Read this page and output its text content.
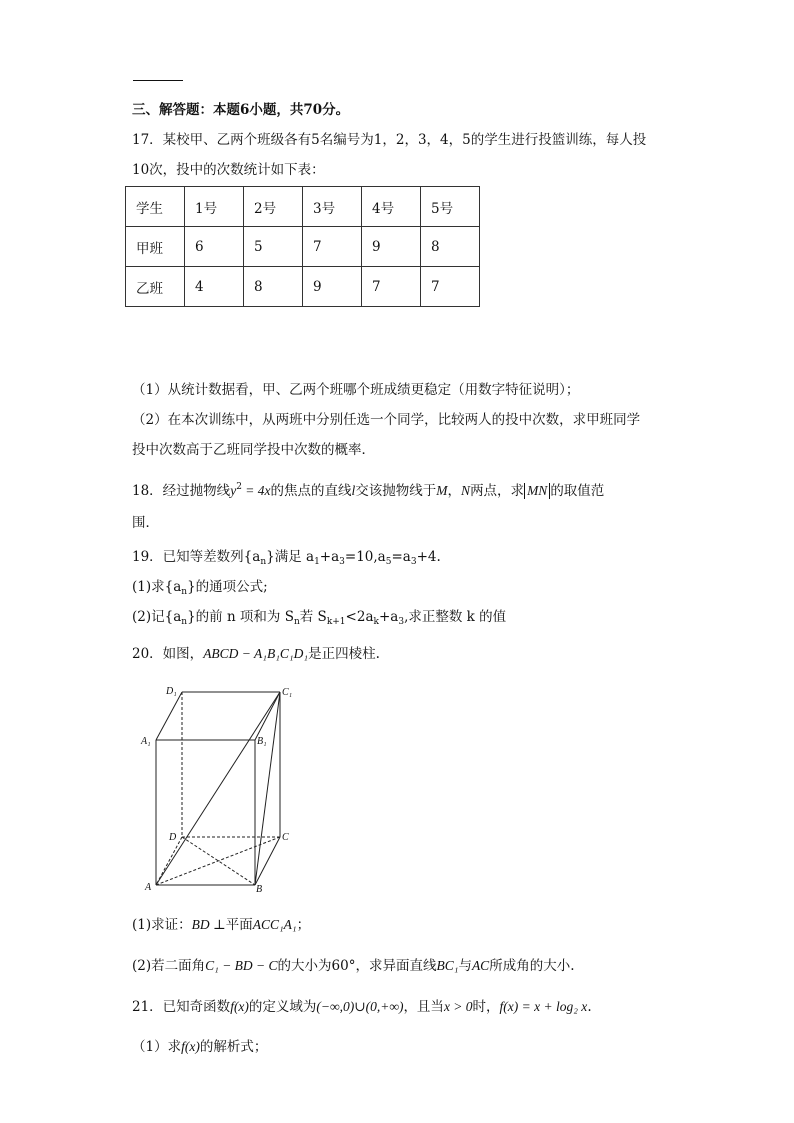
三、解答题：本题6小题，共70分。
17．某校甲、乙两个班级各有5名编号为1，2，3，4，5的学生进行投篮训练，每人投
10次，投中的次数统计如下表：
学生	1号	2号	3号	4号	5号
甲班	6	5	7	9	8
乙班	4	8	9	7	7
（1）从统计数据看，甲、乙两个班哪个班成绩更稳定（用数字特征说明）；
（2）在本次训练中，从两班中分别任选一个同学，比较两人的投中次数，求甲班同学
投中次数高于乙班同学投中次数的概率．
18．经过抛物线$y^2 = 4x$的焦点的直线l交该抛物线于M，N两点，求 MN 的取值范
围．
19．已知等差数列$\{a_n\}$满足 $a_1+a_3=10,a_5=a_3+4$.
(1)求$\{a_n\}$的通项公式;
(2)记$\{a_n\}$的前 n 项和为 $S_n$若 $S_{k+1}<2a_k+a_3$,求正整数 k 的值
20．如图，ABCD − A₁B₁C₁D₁是正四棱柱.
D₁	C₁
A₁	B₁
D	C
A	B
(1)求证：BD ⊥平面ACC₁A₁；
(2)若二面角C₁ − BD − C的大小为60°，求异面直线BC₁与AC所成角的大小.
21．已知奇函数f(x)的定义域为(−∞,0)∪(0,+∞)，且当x > 0时，f(x) = x + log₂ x.
（1）求f(x)的解析式；
